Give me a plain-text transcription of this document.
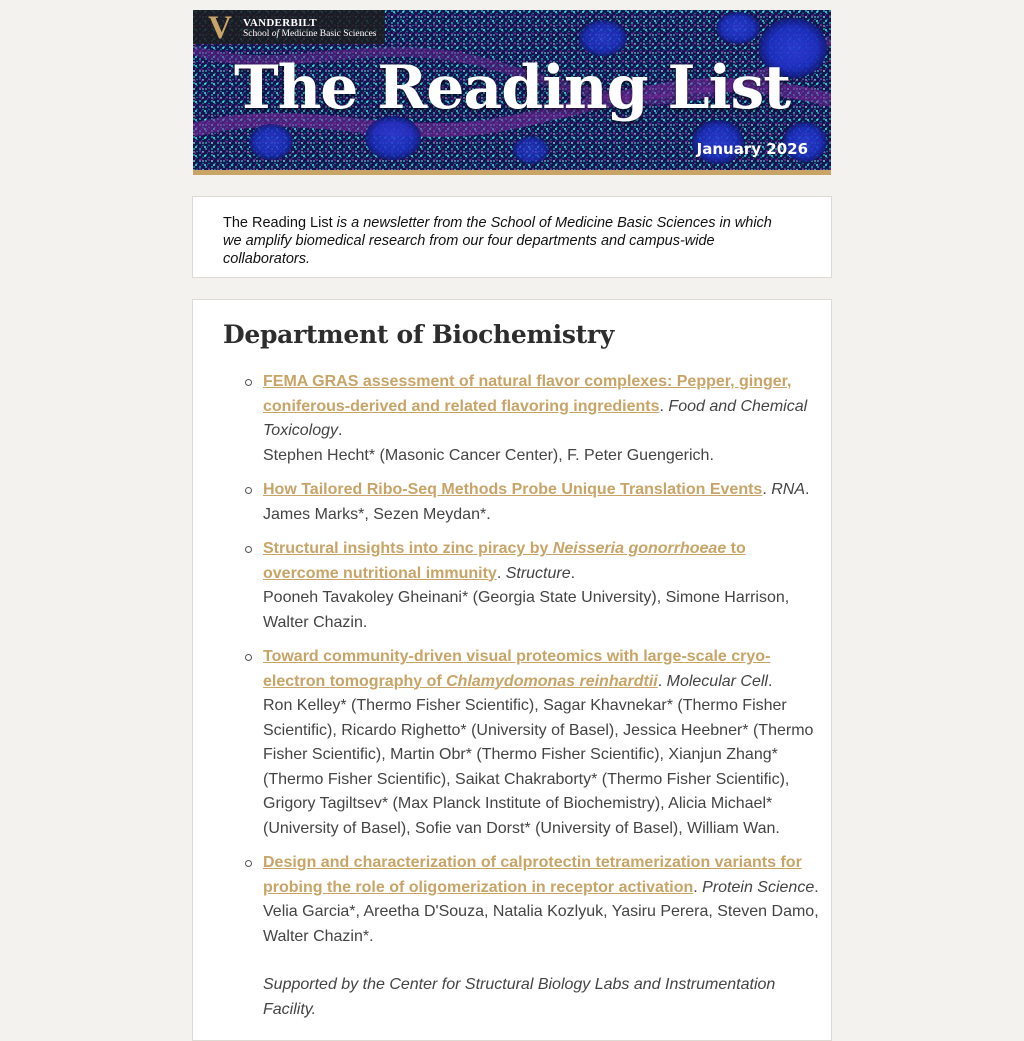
V	VANDERBILT
School of Medicine Basic Sciences
The Reading List
January 2026

The Reading List is a newsletter from the School of Medicine Basic Sciences in which we amplify biomedical research from our four departments and campus-wide collaborators.

Department of Biochemistry
FEMA GRAS assessment of natural flavor complexes: Pepper, ginger, coniferous-derived and related flavoring ingredients. Food and Chemical Toxicology.
Stephen Hecht* (Masonic Cancer Center), F. Peter Guengerich.
How Tailored Ribo-Seq Methods Probe Unique Translation Events. RNA.
James Marks*, Sezen Meydan*.
Structural insights into zinc piracy by Neisseria gonorrhoeae to overcome nutritional immunity. Structure.
Pooneh Tavakoley Gheinani* (Georgia State University), Simone Harrison, Walter Chazin.
Toward community-driven visual proteomics with large-scale cryo-electron tomography of Chlamydomonas reinhardtii. Molecular Cell.
Ron Kelley* (Thermo Fisher Scientific), Sagar Khavnekar* (Thermo Fisher Scientific), Ricardo Righetto* (University of Basel), Jessica Heebner* (Thermo Fisher Scientific), Martin Obr* (Thermo Fisher Scientific), Xianjun Zhang* (Thermo Fisher Scientific), Saikat Chakraborty* (Thermo Fisher Scientific), Grigory Tagiltsev* (Max Planck Institute of Biochemistry), Alicia Michael* (University of Basel), Sofie van Dorst* (University of Basel), William Wan.
Design and characterization of calprotectin tetramerization variants for probing the role of oligomerization in receptor activation. Protein Science.
Velia Garcia*, Areetha D'Souza, Natalia Kozlyuk, Yasiru Perera, Steven Damo, Walter Chazin*.
Supported by the Center for Structural Biology Labs and Instrumentation Facility.
